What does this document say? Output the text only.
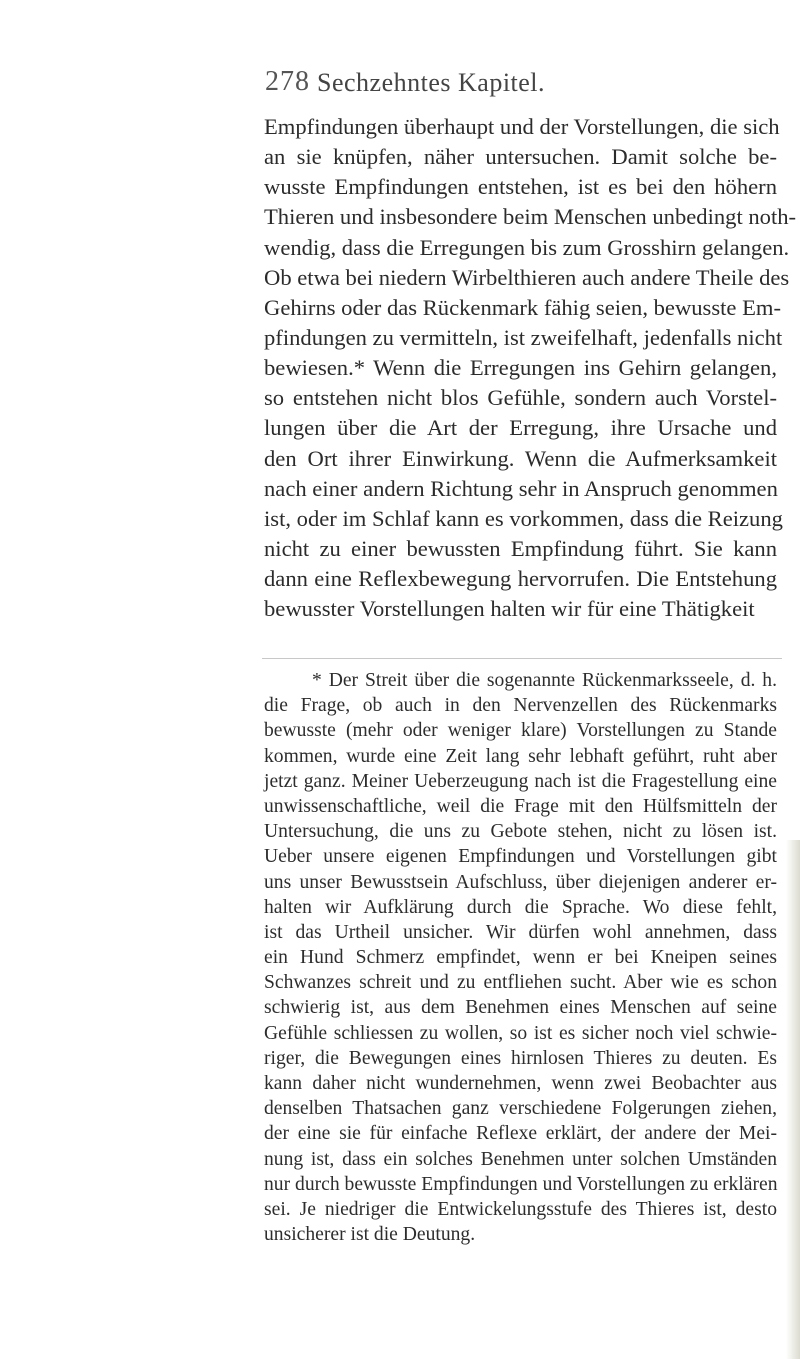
278 Sechzehntes Kapitel.
Empfindungen überhaupt und der Vorstellungen, die sich
an sie knüpfen, näher untersuchen. Damit solche be-
wusste Empfindungen entstehen, ist es bei den höhern
Thieren und insbesondere beim Menschen unbedingt noth-
wendig, dass die Erregungen bis zum Grosshirn gelangen.
Ob etwa bei niedern Wirbelthieren auch andere Theile des
Gehirns oder das Rückenmark fähig seien, bewusste Em-
pfindungen zu vermitteln, ist zweifelhaft, jedenfalls nicht
bewiesen.* Wenn die Erregungen ins Gehirn gelangen,
so entstehen nicht blos Gefühle, sondern auch Vorstel-
lungen über die Art der Erregung, ihre Ursache und
den Ort ihrer Einwirkung. Wenn die Aufmerksamkeit
nach einer andern Richtung sehr in Anspruch genommen
ist, oder im Schlaf kann es vorkommen, dass die Reizung
nicht zu einer bewussten Empfindung führt. Sie kann
dann eine Reflexbewegung hervorrufen. Die Entstehung
bewusster Vorstellungen halten wir für eine Thätigkeit
* Der Streit über die sogenannte Rückenmarksseele, d. h.
die Frage, ob auch in den Nervenzellen des Rückenmarks
bewusste (mehr oder weniger klare) Vorstellungen zu Stande
kommen, wurde eine Zeit lang sehr lebhaft geführt, ruht aber
jetzt ganz. Meiner Ueberzeugung nach ist die Fragestellung eine
unwissenschaftliche, weil die Frage mit den Hülfsmitteln der
Untersuchung, die uns zu Gebote stehen, nicht zu lösen ist.
Ueber unsere eigenen Empfindungen und Vorstellungen gibt
uns unser Bewusstsein Aufschluss, über diejenigen anderer er-
halten wir Aufklärung durch die Sprache. Wo diese fehlt,
ist das Urtheil unsicher. Wir dürfen wohl annehmen, dass
ein Hund Schmerz empfindet, wenn er bei Kneipen seines
Schwanzes schreit und zu entfliehen sucht. Aber wie es schon
schwierig ist, aus dem Benehmen eines Menschen auf seine
Gefühle schliessen zu wollen, so ist es sicher noch viel schwie-
riger, die Bewegungen eines hirnlosen Thieres zu deuten. Es
kann daher nicht wundernehmen, wenn zwei Beobachter aus
denselben Thatsachen ganz verschiedene Folgerungen ziehen,
der eine sie für einfache Reflexe erklärt, der andere der Mei-
nung ist, dass ein solches Benehmen unter solchen Umständen
nur durch bewusste Empfindungen und Vorstellungen zu erklären
sei. Je niedriger die Entwickelungsstufe des Thieres ist, desto
unsicherer ist die Deutung.
